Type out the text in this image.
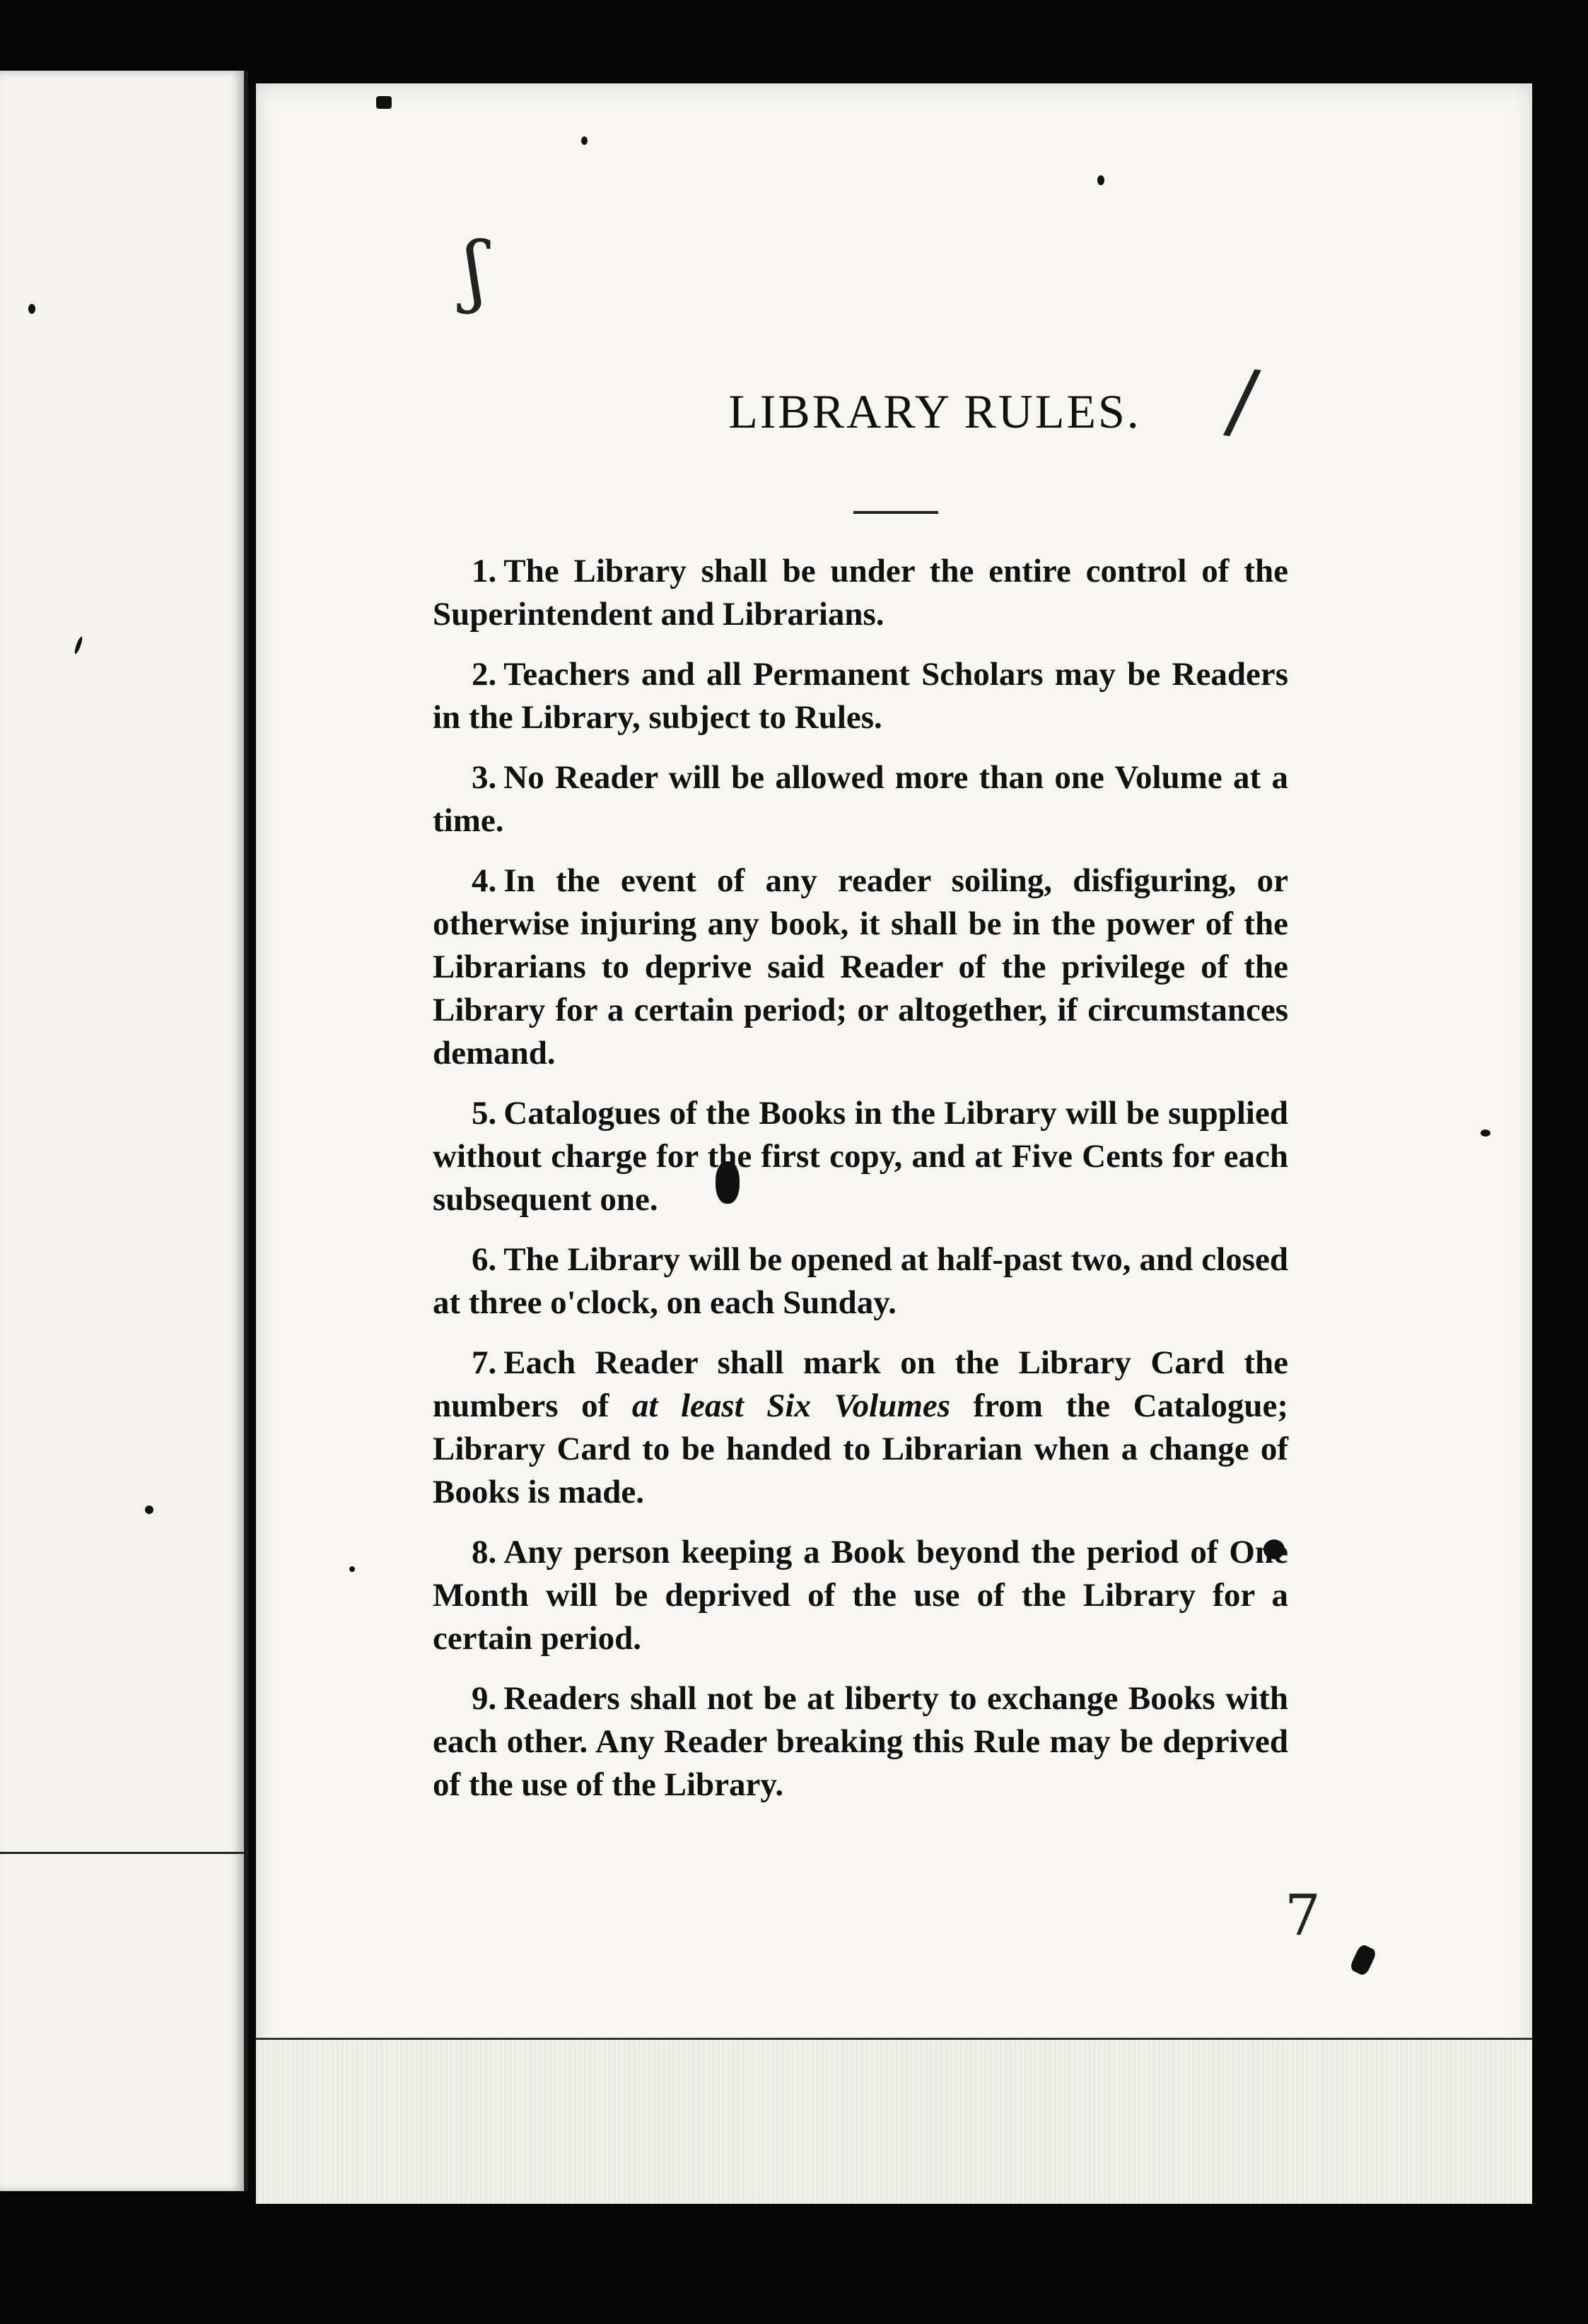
ʃ
/
LIBRARY RULES.
1. The Library shall be under the entire control of the Superintendent and Librarians.
2. Teachers and all Permanent Scholars may be Readers in the Library, subject to Rules.
3. No Reader will be allowed more than one Volume at a time.
4. In the event of any reader soiling, disfiguring, or otherwise injuring any book, it shall be in the power of the Librarians to deprive said Reader of the privilege of the Library for a certain period; or altogether, if circumstances demand.
5. Catalogues of the Books in the Library will be supplied without charge for the first copy, and at Five Cents for each subsequent one.
6. The Library will be opened at half-past two, and closed at three o'clock, on each Sunday.
7. Each Reader shall mark on the Library Card the numbers of at least Six Volumes from the Catalogue; Library Card to be handed to Librarian when a change of Books is made.
8. Any person keeping a Book beyond the period of One Month will be deprived of the use of the Library for a certain period.
9. Readers shall not be at liberty to exchange Books with each other. Any Reader breaking this Rule may be deprived of the use of the Library.
7
